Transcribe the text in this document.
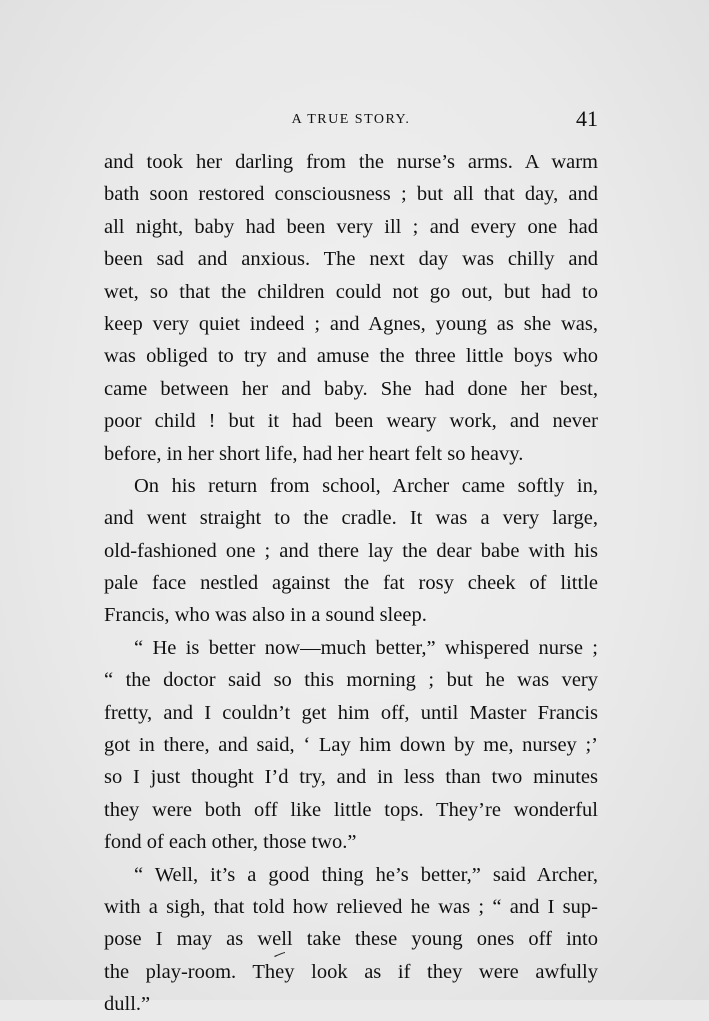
A TRUE STORY.	41
and took her darling from the nurse’s arms. A warm
bath soon restored consciousness ; but all that day, and
all night, baby had been very ill ; and every one had
been sad and anxious. The next day was chilly and
wet, so that the children could not go out, but had to
keep very quiet indeed ; and Agnes, young as she was,
was obliged to try and amuse the three little boys who
came between her and baby. She had done her best,
poor child ! but it had been weary work, and never
before, in her short life, had her heart felt so heavy.
On his return from school, Archer came softly in,
and went straight to the cradle. It was a very large,
old-fashioned one ; and there lay the dear babe with his
pale face nestled against the fat rosy cheek of little
Francis, who was also in a sound sleep.
“ He is better now—much better,” whispered nurse ;
“ the doctor said so this morning ; but he was very
fretty, and I couldn’t get him off, until Master Francis
got in there, and said, ‘ Lay him down by me, nursey ;’
so I just thought I’d try, and in less than two minutes
they were both off like little tops. They’re wonderful
fond of each other, those two.”
“ Well, it’s a good thing he’s better,” said Archer,
with a sigh, that told how relieved he was ; “ and I sup-
pose I may as well take these young ones off into
the play-room. They look as if they were awfully
dull.”
